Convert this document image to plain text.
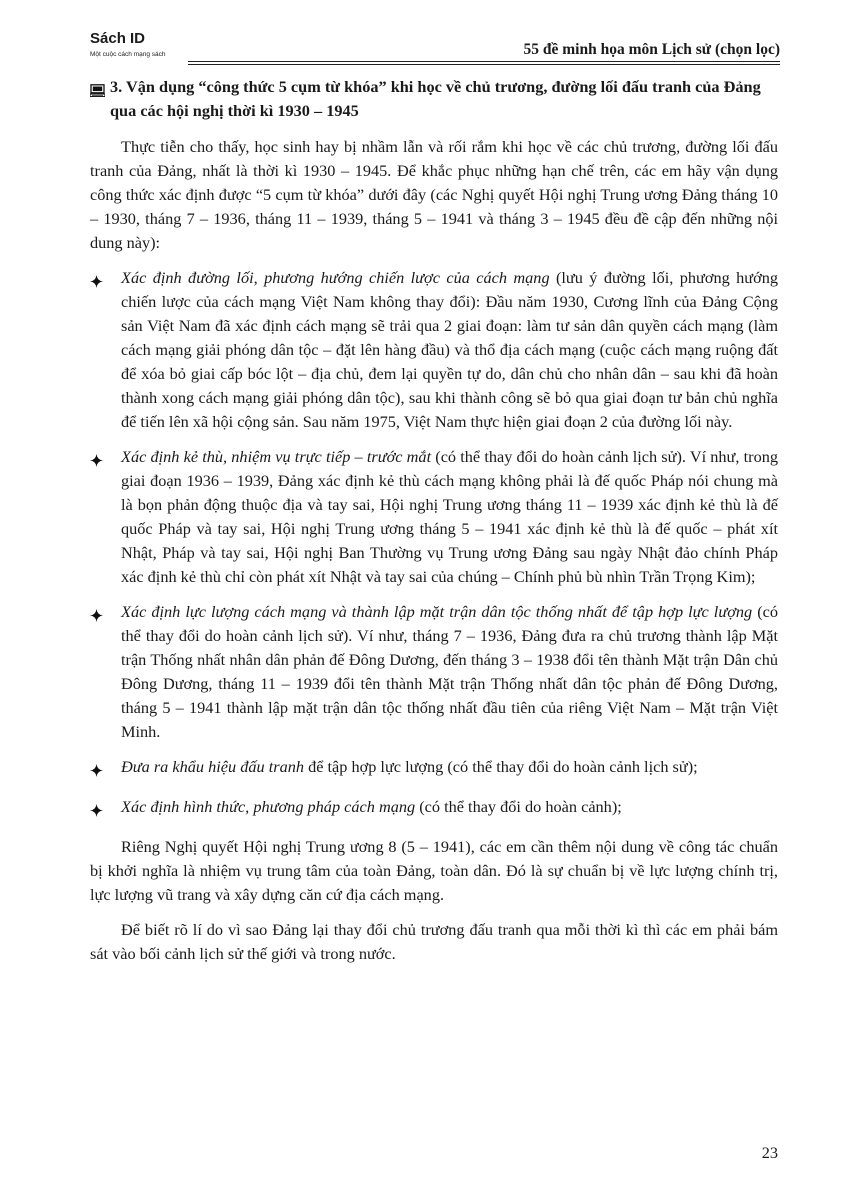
Sách ID
Một cuộc cách mạng sách	55 đề minh họa môn Lịch sử (chọn lọc)
3. Vận dụng “công thức 5 cụm từ khóa” khi học về chủ trương, đường lối đấu tranh của Đảng qua các hội nghị thời kì 1930 – 1945

Thực tiễn cho thấy, học sinh hay bị nhầm lẫn và rối rắm khi học về các chủ trương, đường lối đấu tranh của Đảng, nhất là thời kì 1930 – 1945. Để khắc phục những hạn chế trên, các em hãy vận dụng công thức xác định được “5 cụm từ khóa” dưới đây (các Nghị quyết Hội nghị Trung ương Đảng tháng 10 – 1930, tháng 7 – 1936, tháng 11 – 1939, tháng 5 – 1941 và tháng 3 – 1945 đều đề cập đến những nội dung này):

Xác định đường lối, phương hướng chiến lược của cách mạng (lưu ý đường lối, phương hướng chiến lược của cách mạng Việt Nam không thay đổi): Đầu năm 1930, Cương lĩnh của Đảng Cộng sản Việt Nam đã xác định cách mạng sẽ trải qua 2 giai đoạn: làm tư sản dân quyền cách mạng (làm cách mạng giải phóng dân tộc – đặt lên hàng đầu) và thổ địa cách mạng (cuộc cách mạng ruộng đất để xóa bỏ giai cấp bóc lột – địa chủ, đem lại quyền tự do, dân chủ cho nhân dân – sau khi đã hoàn thành xong cách mạng giải phóng dân tộc), sau khi thành công sẽ bỏ qua giai đoạn tư bản chủ nghĩa để tiến lên xã hội cộng sản. Sau năm 1975, Việt Nam thực hiện giai đoạn 2 của đường lối này.
Xác định kẻ thù, nhiệm vụ trực tiếp – trước mắt (có thể thay đổi do hoàn cảnh lịch sử). Ví như, trong giai đoạn 1936 – 1939, Đảng xác định kẻ thù cách mạng không phải là đế quốc Pháp nói chung mà là bọn phản động thuộc địa và tay sai, Hội nghị Trung ương tháng 11 – 1939 xác định kẻ thù là đế quốc Pháp và tay sai, Hội nghị Trung ương tháng 5 – 1941 xác định kẻ thù là đế quốc – phát xít Nhật, Pháp và tay sai, Hội nghị Ban Thường vụ Trung ương Đảng sau ngày Nhật đảo chính Pháp xác định kẻ thù chỉ còn phát xít Nhật và tay sai của chúng – Chính phủ bù nhìn Trần Trọng Kim);
Xác định lực lượng cách mạng và thành lập mặt trận dân tộc thống nhất để tập hợp lực lượng (có thể thay đổi do hoàn cảnh lịch sử). Ví như, tháng 7 – 1936, Đảng đưa ra chủ trương thành lập Mặt trận Thống nhất nhân dân phản đế Đông Dương, đến tháng 3 – 1938 đổi tên thành Mặt trận Dân chủ Đông Dương, tháng 11 – 1939 đổi tên thành Mặt trận Thống nhất dân tộc phản đế Đông Dương, tháng 5 – 1941 thành lập mặt trận dân tộc thống nhất đầu tiên của riêng Việt Nam – Mặt trận Việt Minh.
Đưa ra khẩu hiệu đấu tranh để tập hợp lực lượng (có thể thay đổi do hoàn cảnh lịch sử);
Xác định hình thức, phương pháp cách mạng (có thể thay đổi do hoàn cảnh);

Riêng Nghị quyết Hội nghị Trung ương 8 (5 – 1941), các em cần thêm nội dung về công tác chuẩn bị khởi nghĩa là nhiệm vụ trung tâm của toàn Đảng, toàn dân. Đó là sự chuẩn bị về lực lượng chính trị, lực lượng vũ trang và xây dựng căn cứ địa cách mạng.

Để biết rõ lí do vì sao Đảng lại thay đổi chủ trương đấu tranh qua mỗi thời kì thì các em phải bám sát vào bối cảnh lịch sử thế giới và trong nước.

23
